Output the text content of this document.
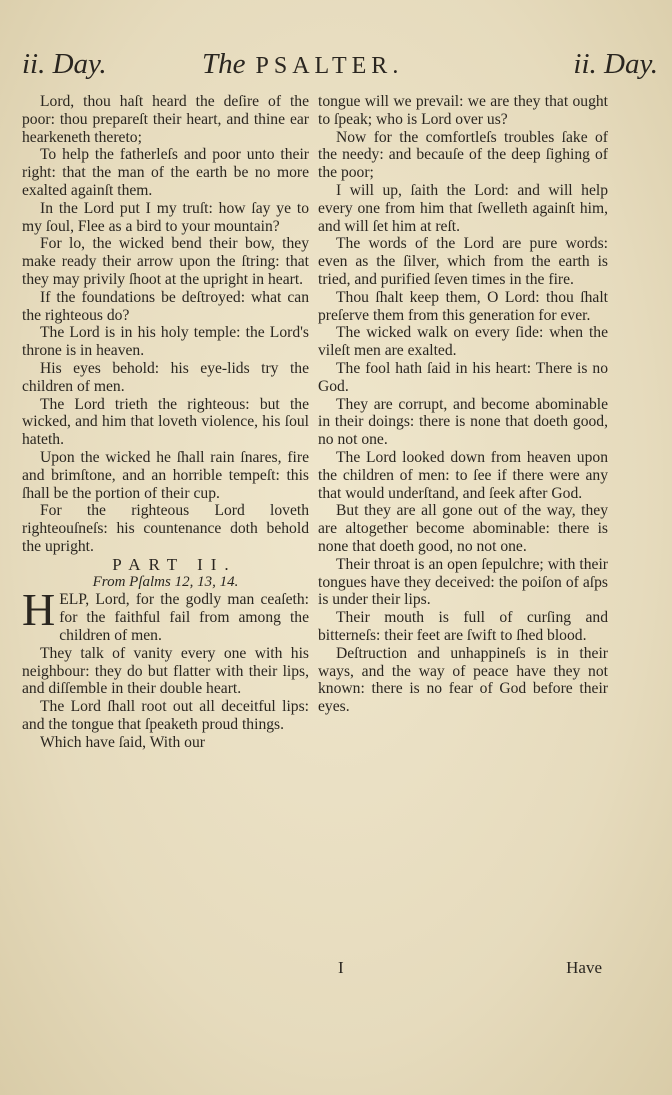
ii. Day.	The PSALTER.	ii. Day.

Lord, thou haſt heard the deſire of the poor: thou prepareſt their heart, and thine ear hearkeneth thereto;

To help the fatherleſs and poor unto their right: that the man of the earth be no more exalted againſt them.

In the Lord put I my truſt: how ſay ye to my ſoul, Flee as a bird to your mountain?

For lo, the wicked bend their bow, they make ready their arrow upon the ſtring: that they may privily ſhoot at the upright in heart.

If the foundations be deſtroyed: what can the righteous do?

The Lord is in his holy temple: the Lord's throne is in heaven.

His eyes behold: his eye-lids try the children of men.

The Lord trieth the righteous: but the wicked, and him that loveth violence, his ſoul hateth.

Upon the wicked he ſhall rain ſnares, fire and brimſtone, and an horrible tempeſt: this ſhall be the portion of their cup.

For the righteous Lord loveth righteouſneſs: his countenance doth behold the upright.

PART II.

From Pſalms 12, 13, 14.

HELP, Lord, for the godly man ceaſeth: for the faithful fail from among the children of men.

They talk of vanity every one with his neighbour: they do but flatter with their lips, and diſſemble in their double heart.

The Lord ſhall root out all deceitful lips: and the tongue that ſpeaketh proud things.

Which have ſaid, With our

tongue will we prevail: we are they that ought to ſpeak; who is Lord over us?

Now for the comfortleſs troubles ſake of the needy: and becauſe of the deep ſighing of the poor;

I will up, ſaith the Lord: and will help every one from him that ſwelleth againſt him, and will ſet him at reſt.

The words of the Lord are pure words: even as the ſilver, which from the earth is tried, and purified ſeven times in the fire.

Thou ſhalt keep them, O Lord: thou ſhalt preſerve them from this generation for ever.

The wicked walk on every ſide: when the vileſt men are exalted.

The fool hath ſaid in his heart: There is no God.

They are corrupt, and become abominable in their doings: there is none that doeth good, no not one.

The Lord looked down from heaven upon the children of men: to ſee if there were any that would underſtand, and ſeek after God.

But they are all gone out of the way, they are altogether become abominable: there is none that doeth good, no not one.

Their throat is an open ſepulchre; with their tongues have they deceived: the poiſon of aſps is under their lips.

Their mouth is full of curſing and bitterneſs: their feet are ſwift to ſhed blood.

Deſtruction and unhappineſs is in their ways, and the way of peace have they not known: there is no fear of God before their eyes.

I	Have
